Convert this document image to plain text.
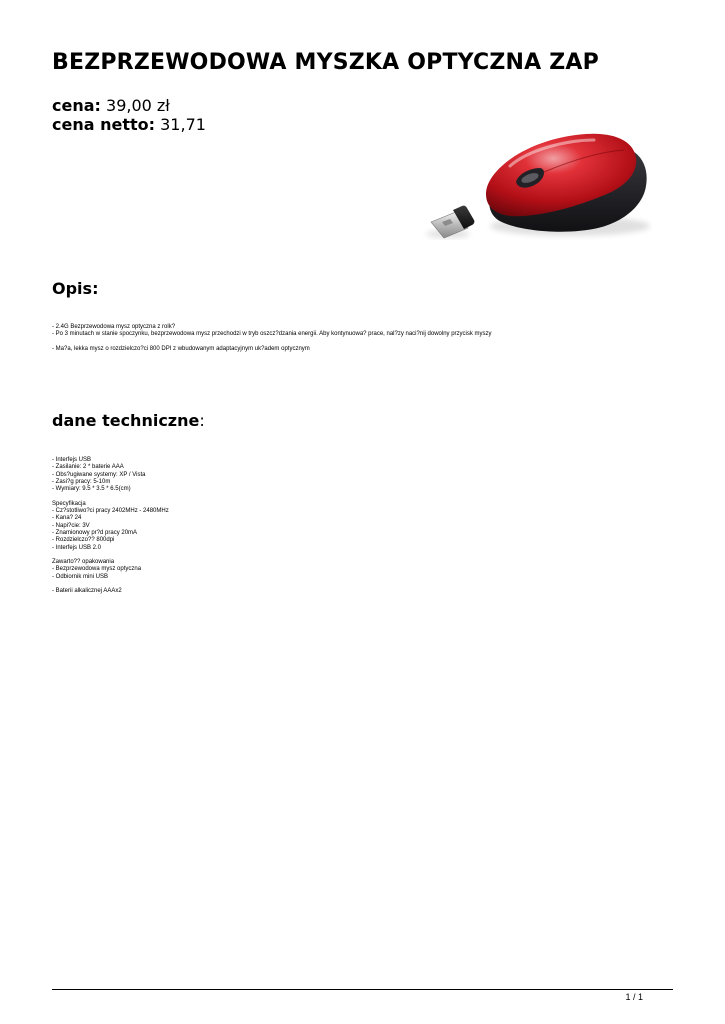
BEZPRZEWODOWA MYSZKA OPTYCZNA ZAP
cena: 39,00 zł
cena netto: 31,71
Opis:
- 2.4G Bezprzewodowa mysz optyczna z rolk?
- Po 3 minutach w stanie spoczynku, bezprzewodowa mysz przechodzi w tryb oszcz?dzania energii. Aby kontynuowa? prace, nal?zy naci?nij dowolny przycisk myszy
- Ma?a, lekka mysz o rozdzielczo?ci 800 DPI z wbudowanym adaptacyjnym uk?adem optycznym
dane techniczne:
- Interfejs USB
- Zasilanie: 2 * baterie AAA
- Obs?ugiwane systemy: XP / Vista
- Zasi?g pracy: 5-10m
- Wymiary: 9.5 * 3.5 * 6.5(cm)
Specyfikacja
- Cz?stotliwo?ci pracy 2402MHz - 2480MHz
- Kana? 24
- Napi?cie: 3V
- Znamionowy pr?d pracy 20mA
- Rozdzielczo?? 800dpi
- Interfejs USB 2.0
Zawarto?? opakowania
- Bezprzewodowa mysz optyczna
- Odbiornik mini USB
- Baterii alkalicznej AAAx2
1 / 1
